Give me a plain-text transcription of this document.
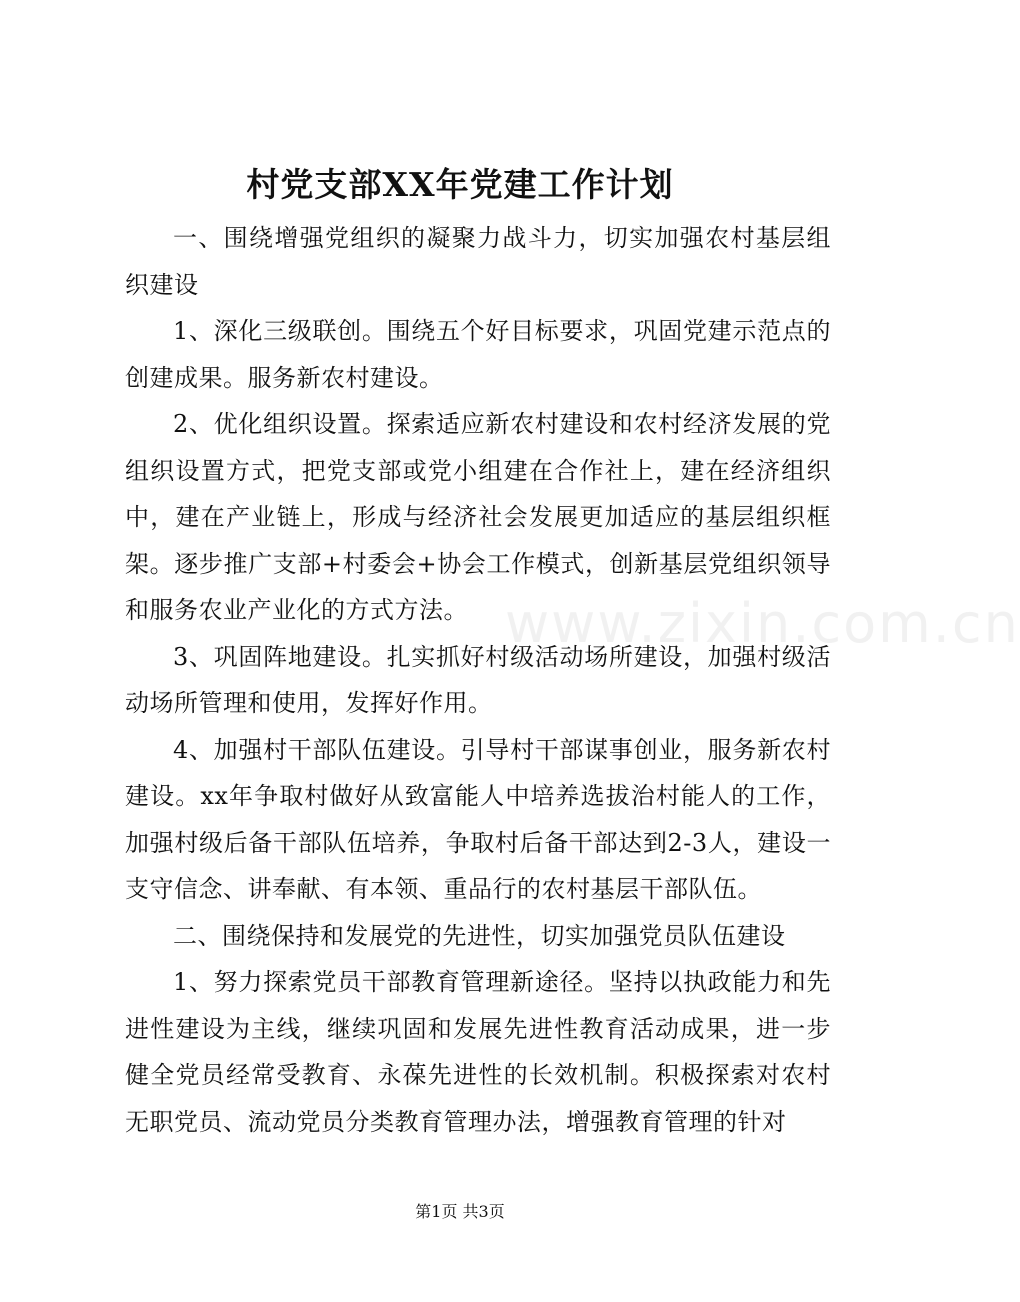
村党支部XX年党建工作计划

一、围绕增强党组织的凝聚力战斗力，切实加强农村基层组织建设

1、深化三级联创。围绕五个好目标要求，巩固党建示范点的创建成果。服务新农村建设。

2、优化组织设置。探索适应新农村建设和农村经济发展的党组织设置方式，把党支部或党小组建在合作社上，建在经济组织中，建在产业链上，形成与经济社会发展更加适应的基层组织框架。逐步推广支部+村委会+协会工作模式，创新基层党组织领导和服务农业产业化的方式方法。

3、巩固阵地建设。扎实抓好村级活动场所建设，加强村级活动场所管理和使用，发挥好作用。

4、加强村干部队伍建设。引导村干部谋事创业，服务新农村建设。xx年争取村做好从致富能人中培养选拔治村能人的工作，加强村级后备干部队伍培养，争取村后备干部达到2-3人，建设一支守信念、讲奉献、有本领、重品行的农村基层干部队伍。

二、围绕保持和发展党的先进性，切实加强党员队伍建设

1、努力探索党员干部教育管理新途径。坚持以执政能力和先进性建设为主线，继续巩固和发展先进性教育活动成果，进一步健全党员经常受教育、永葆先进性的长效机制。积极探索对农村无职党员、流动党员分类教育管理办法，增强教育管理的针对

www.zixin.com.cn
第1页 共3页
